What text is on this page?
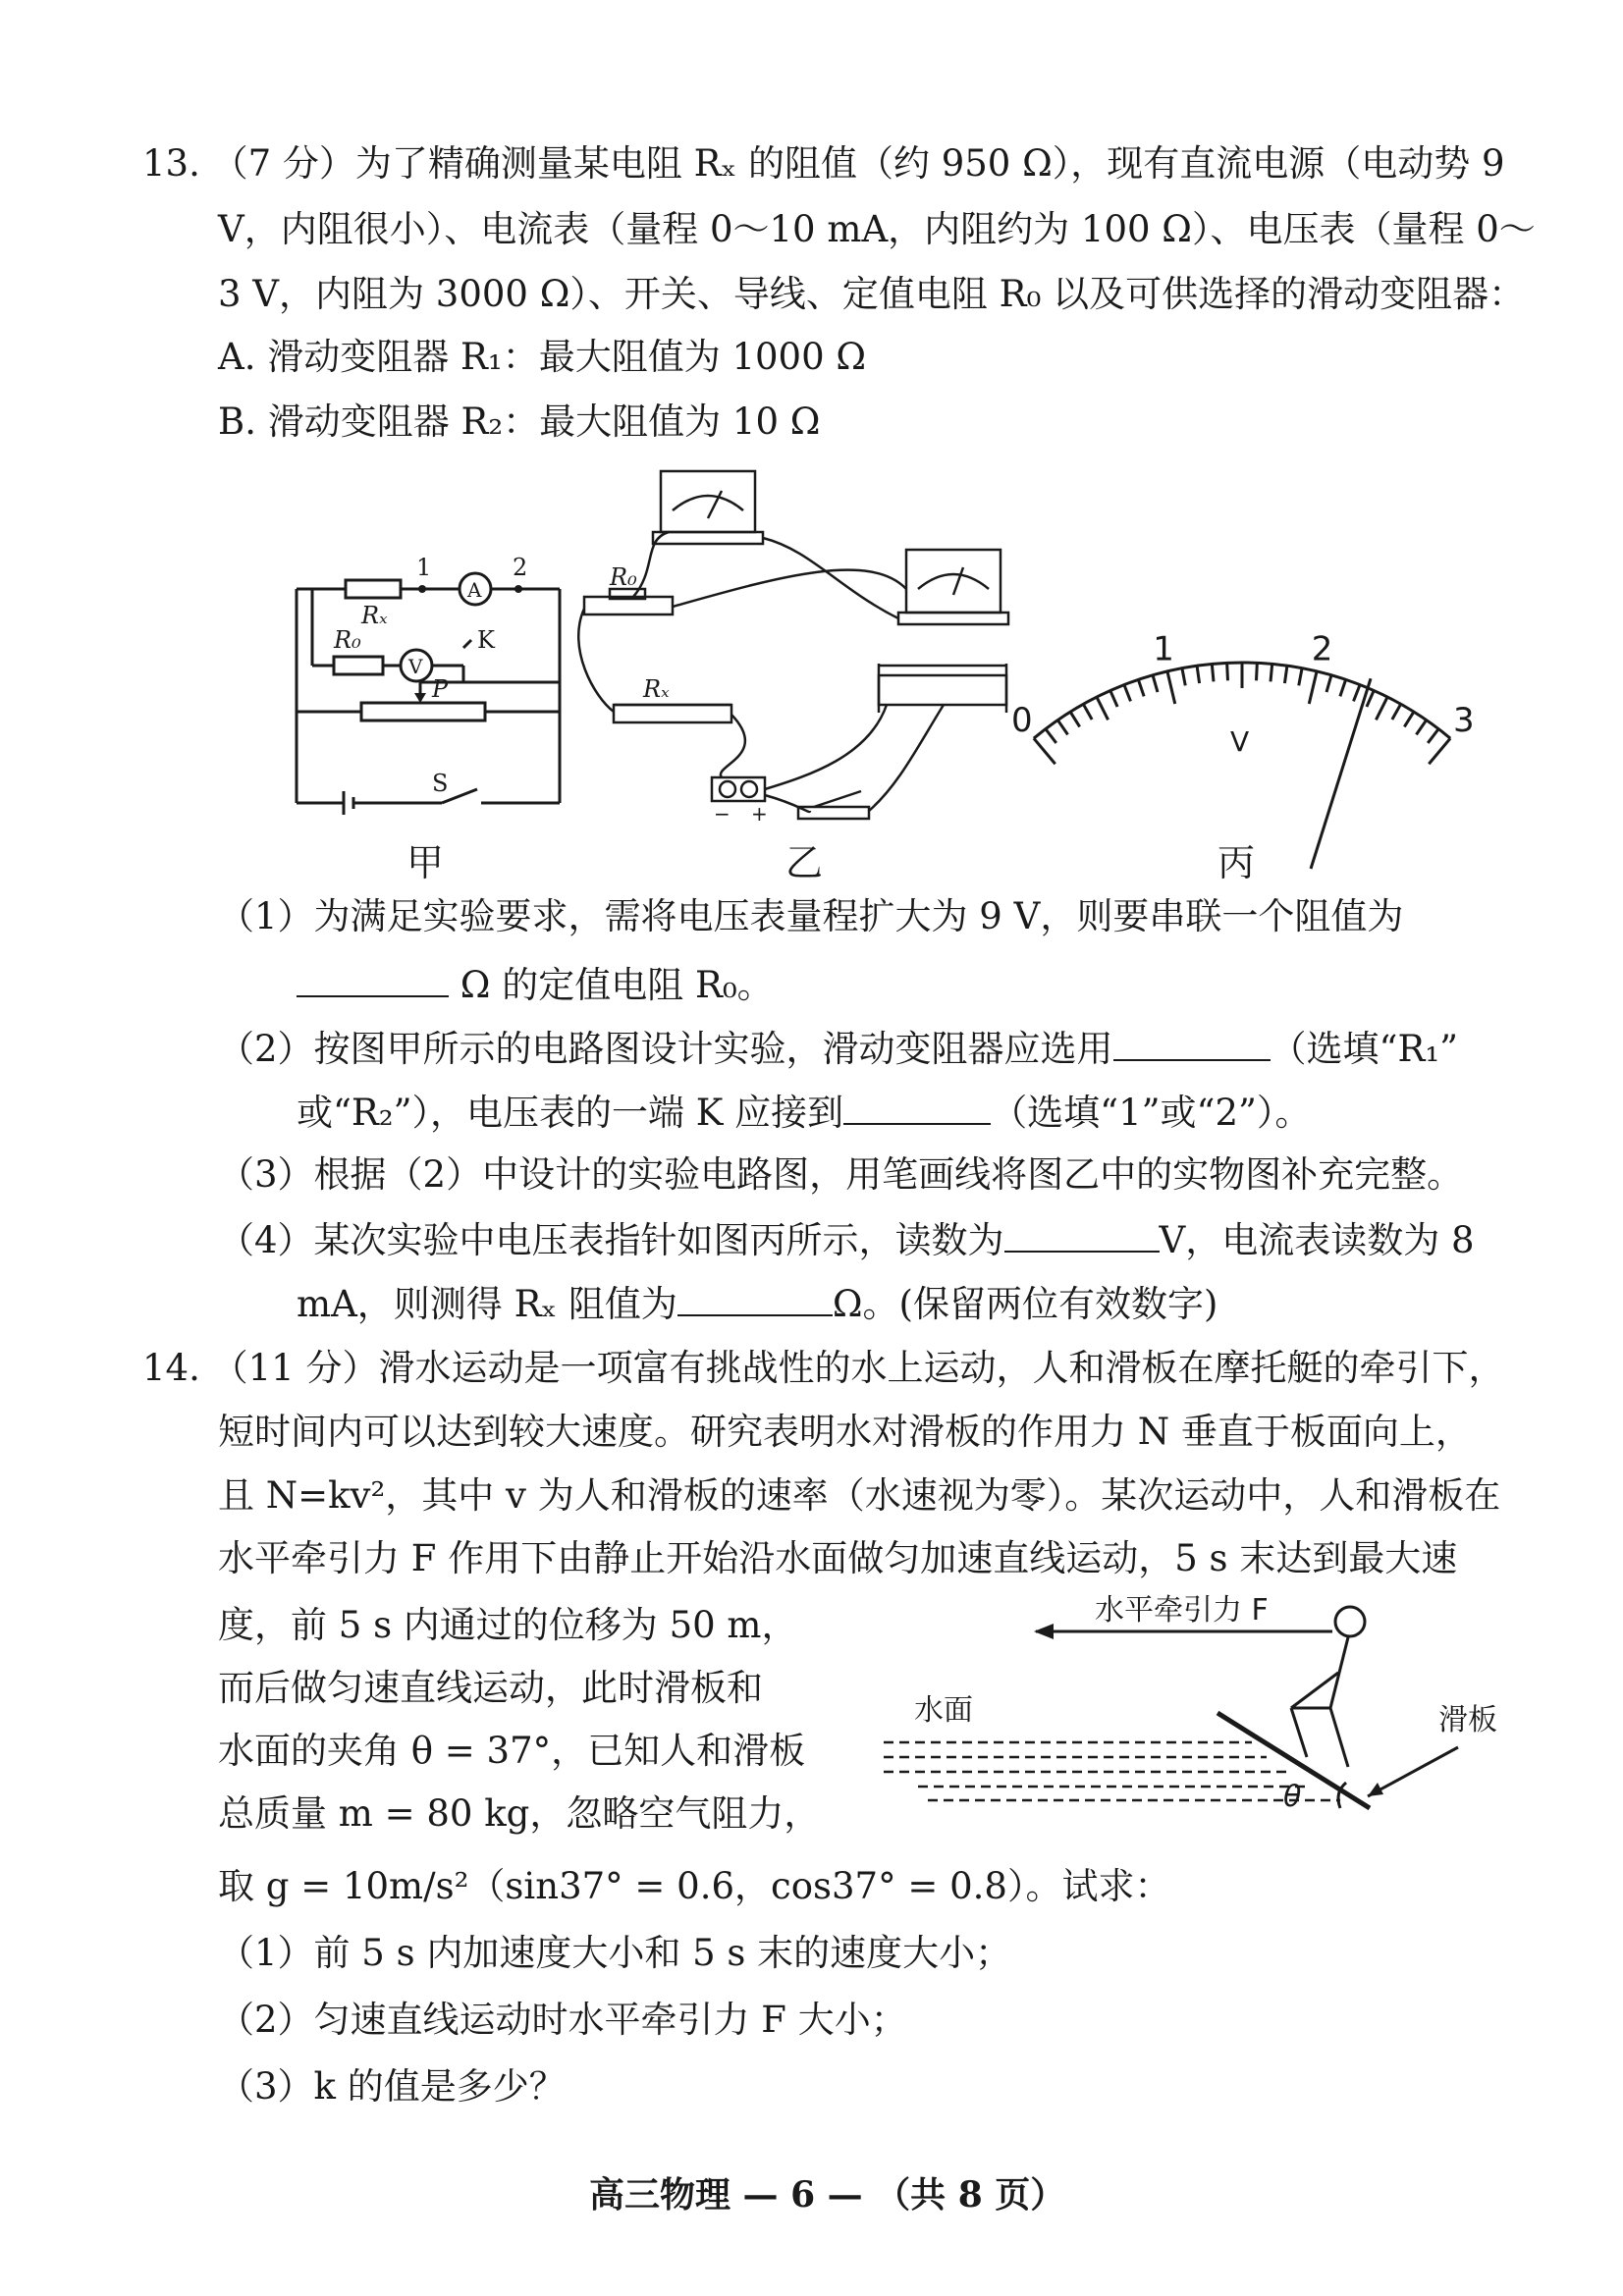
13. （7 分）为了精确测量某电阻 Rₓ 的阻值（约 950 Ω），现有直流电源（电动势 9
V，内阻很小）、电流表（量程 0～10 mA，内阻约为 100 Ω）、电压表（量程 0～
3 V，内阻为 3000 Ω）、开关、导线、定值电阻 R₀ 以及可供选择的滑动变阻器：
A. 滑动变阻器 R₁：最大阻值为 1000 Ω
B. 滑动变阻器 R₂：最大阻值为 10 Ω
1	2
Rₓ
R₀
A
V
K
P
S
R₀
Rₓ
− +
0
1	2
3
V
甲	乙	丙
（1）为满足实验要求，需将电压表量程扩大为 9 V，则要串联一个阻值为
Ω 的定值电阻 R₀。
（2）按图甲所示的电路图设计实验，滑动变阻器应选用	（选填“R₁”
或“R₂”），电压表的一端 K 应接到	（选填“1”或“2”）。
（3）根据（2）中设计的实验电路图，用笔画线将图乙中的实物图补充完整。
（4）某次实验中电压表指针如图丙所示，读数为	V，电流表读数为 8
mA，则测得 Rₓ 阻值为	Ω。(保留两位有效数字)
14. （11 分）滑水运动是一项富有挑战性的水上运动，人和滑板在摩托艇的牵引下，
短时间内可以达到较大速度。研究表明水对滑板的作用力 N 垂直于板面向上，
且 N=kv²，其中 v 为人和滑板的速率（水速视为零）。某次运动中，人和滑板在
水平牵引力 F 作用下由静止开始沿水面做匀加速直线运动，5 s 末达到最大速
度，前 5 s 内通过的位移为 50 m，
而后做匀速直线运动，此时滑板和
水面的夹角 θ = 37°，已知人和滑板
总质量 m = 80 kg，忽略空气阻力，
水平牵引力 F
水面	滑板
θ
取 g = 10m/s²（sin37° = 0.6，cos37° = 0.8）。试求：
（1）前 5 s 内加速度大小和 5 s 末的速度大小；
（2）匀速直线运动时水平牵引力 F 大小；
（3）k 的值是多少？
高三物理 — 6 — （共 8 页）
